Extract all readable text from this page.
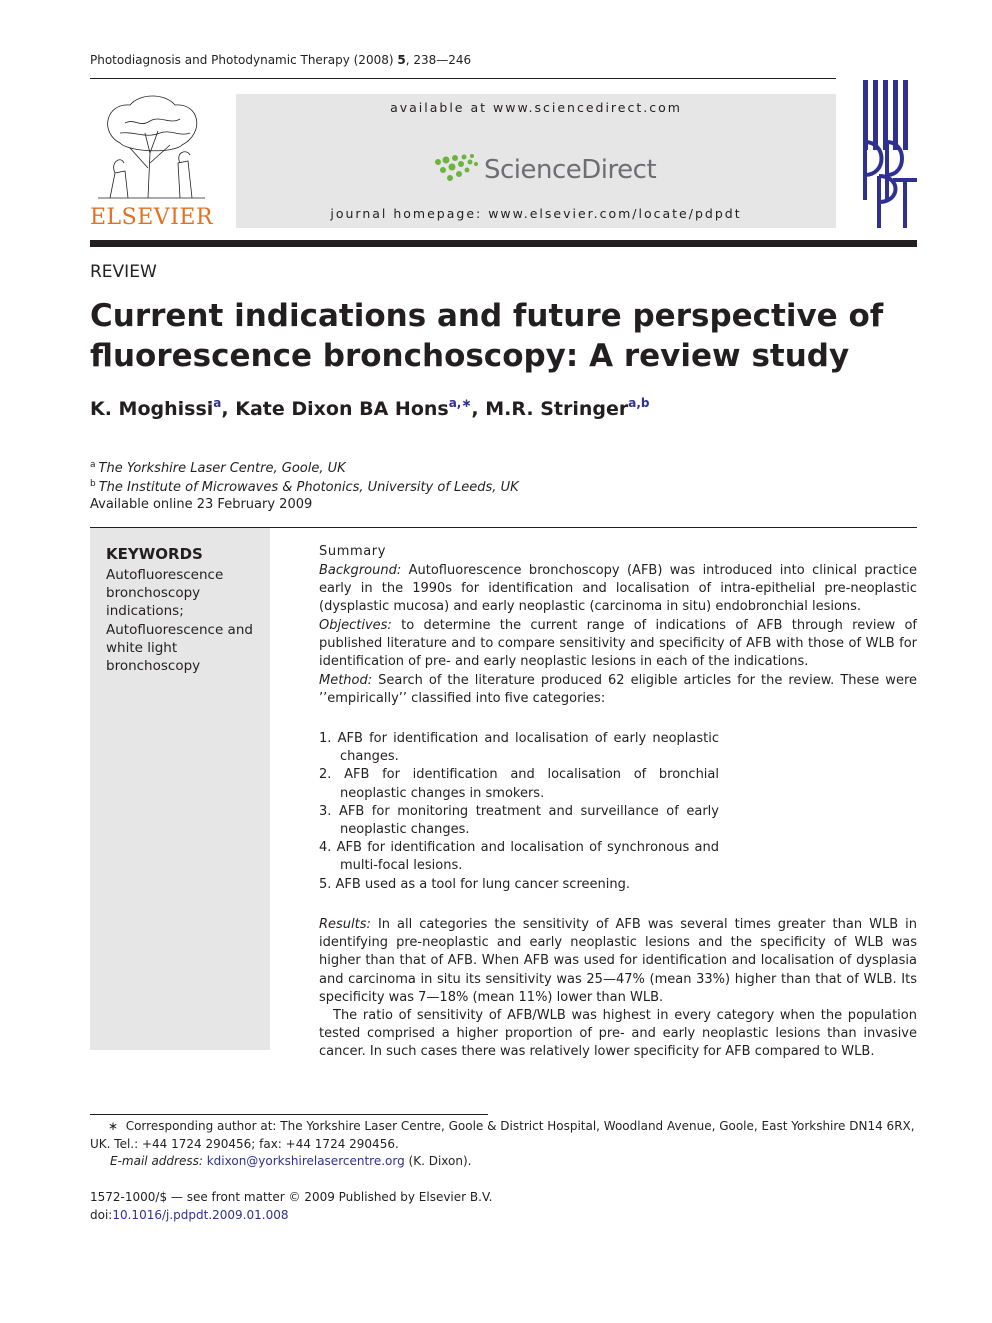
Photodiagnosis and Photodynamic Therapy (2008) 5, 238—246
ELSEVIER
available at www.sciencedirect.com
ScienceDirect
journal homepage: www.elsevier.com/locate/pdpdt
REVIEW
Current indications and future perspective of fluorescence bronchoscopy: A review study
K. Moghissi$^a$, Kate Dixon BA Hons$^{a,∗}$, M.R. Stringer$^{a,b}$
$^a$ The Yorkshire Laser Centre, Goole, UK
$^b$ The Institute of Microwaves & Photonics, University of Leeds, UK
Available online 23 February 2009
KEYWORDS
Autofluorescence bronchoscopy indications;
Autofluorescence and white light bronchoscopy
Summary
Background: Autofluorescence bronchoscopy (AFB) was introduced into clinical practice early in the 1990s for identification and localisation of intra-epithelial pre-neoplastic (dysplastic mucosa) and early neoplastic (carcinoma in situ) endobronchial lesions.
Objectives: to determine the current range of indications of AFB through review of published literature and to compare sensitivity and specificity of AFB with those of WLB for identification of pre- and early neoplastic lesions in each of the indications.
Method: Search of the literature produced 62 eligible articles for the review. These were ’’empirically’’ classified into five categories:
1. AFB for identification and localisation of early neoplastic changes.
2. AFB for identification and localisation of bronchial neoplastic changes in smokers.
3. AFB for monitoring treatment and surveillance of early neoplastic changes.
4. AFB for identification and localisation of synchronous and multi-focal lesions.
5. AFB used as a tool for lung cancer screening.
Results: In all categories the sensitivity of AFB was several times greater than WLB in identifying pre-neoplastic and early neoplastic lesions and the specificity of WLB was higher than that of AFB. When AFB was used for identification and localisation of dysplasia and carcinoma in situ its sensitivity was 25—47% (mean 33%) higher than that of WLB. Its specificity was 7—18% (mean 11%) lower than WLB.
The ratio of sensitivity of AFB/WLB was highest in every category when the population tested comprised a higher proportion of pre- and early neoplastic lesions than invasive cancer. In such cases there was relatively lower specificity for AFB compared to WLB.
∗ Corresponding author at: The Yorkshire Laser Centre, Goole & District Hospital, Woodland Avenue, Goole, East Yorkshire DN14 6RX, UK. Tel.: +44 1724 290456; fax: +44 1724 290456.
E-mail address: kdixon@yorkshirelasercentre.org (K. Dixon).
1572-1000/$ — see front matter © 2009 Published by Elsevier B.V.
doi:10.1016/j.pdpdt.2009.01.008
